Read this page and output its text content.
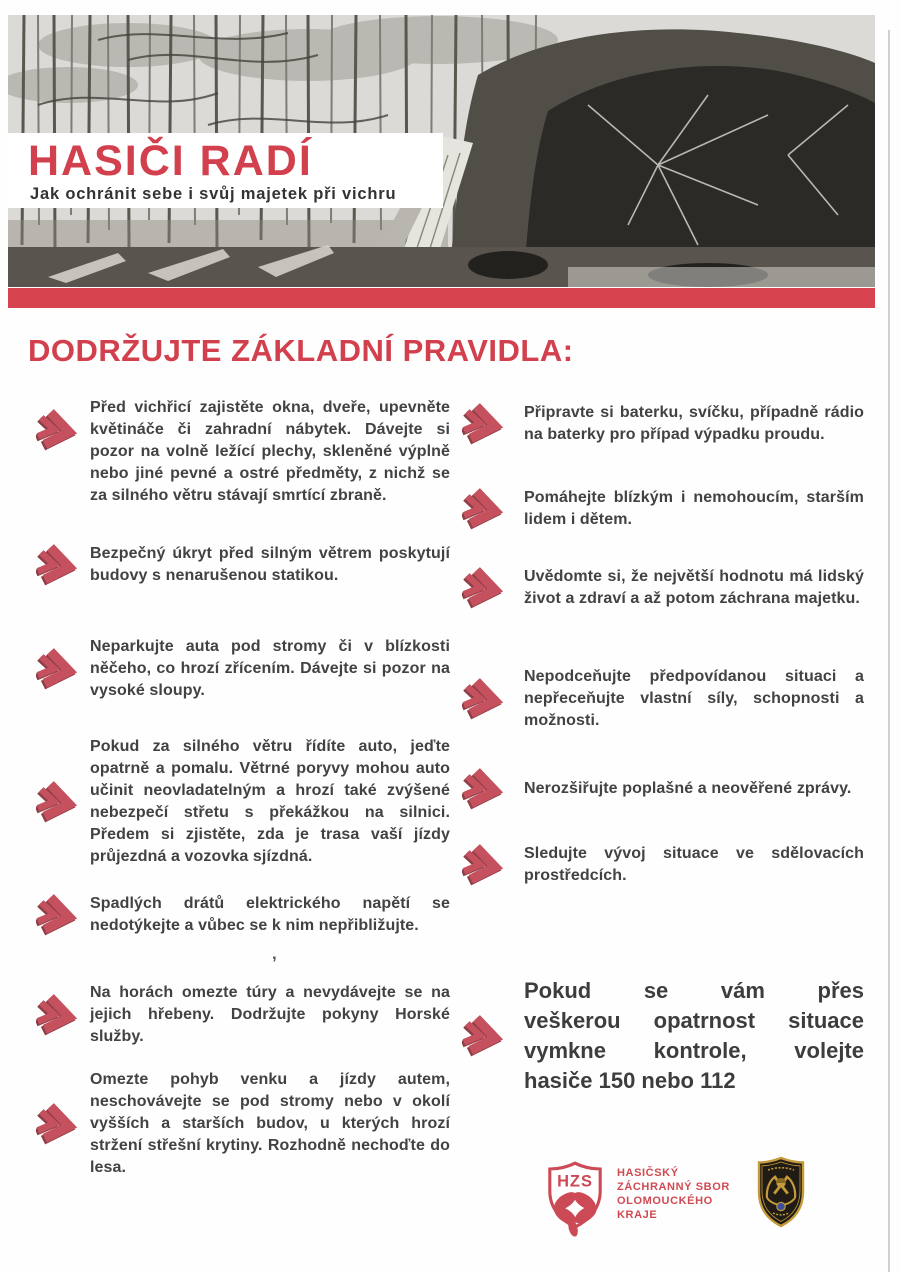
HASIČI RADÍ

Jak ochránit sebe i svůj majetek při vichru

DODRŽUJTE ZÁKLADNÍ PRAVIDLA:

Před vichřicí zajistěte okna, dveře, upevněte květináče či zahradní nábytek. Dávejte si pozor na volně ležící plechy, skleněné výplně nebo jiné pevné a ostré předměty, z nichž se za silného větru stávají smrtící zbraně.

Bezpečný úkryt před silným větrem poskytují budovy s nenarušenou statikou.

Neparkujte auta pod stromy či v blízkosti něčeho, co hrozí zřícením. Dávejte si pozor na vysoké sloupy.

Pokud za silného větru řídíte auto, jeďte opatrně a pomalu. Větrné poryvy mohou auto učinit neovladatelným a hrozí také zvýšené nebezpečí střetu s překážkou na silnici. Předem si zjistěte, zda je trasa vaší jízdy průjezdná a vozovka sjízdná.

Spadlých drátů elektrického napětí se nedotýkejte a vůbec se k nim nepřibližujte.

Na horách omezte túry a nevydávejte se na jejich hřebeny. Dodržujte pokyny Horské služby.

Omezte pohyb venku a jízdy autem, neschovávejte se pod stromy nebo v okolí vyšších a starších budov, u kterých hrozí stržení střešní krytiny. Rozhodně nechoďte do lesa.

Připravte si baterku, svíčku, případně rádio na baterky pro případ výpadku proudu.

Pomáhejte blízkým i nemohoucím, starším lidem i dětem.

Uvědomte si, že největší hodnotu má lidský život a zdraví a až potom záchrana majetku.

Nepodceňujte předpovídanou situaci a nepřeceňujte vlastní síly, schopnosti a možnosti.

Nerozšiřujte poplašné a neověřené zprávy.

Sledujte vývoj situace ve sdělovacích prostředcích.

,
Pokud se vám přes
veškerou opatrnost situace
vymkne kontrole, volejte
hasiče 150 nebo 112
HZS HASIČSKÝ
ZÁCHRANNÝ SBOR
OLOMOUCKÉHO
KRAJE
